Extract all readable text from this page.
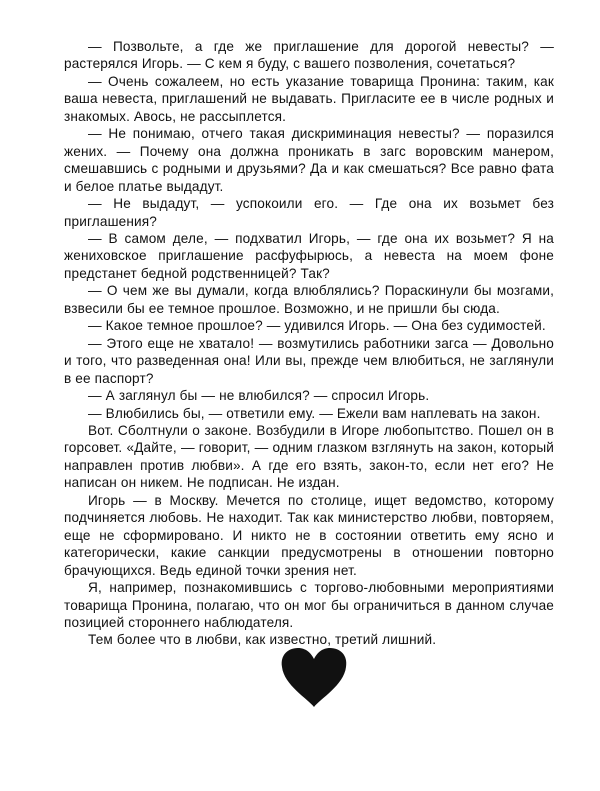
— Позвольте, а где же приглашение для дорогой невесты? — растерялся Игорь. — С кем я буду, с вашего позволения, сочетаться?

— Очень сожалеем, но есть указание товарища Пронина: таким, как ваша невеста, приглашений не выдавать. Пригласите ее в числе родных и знакомых. Авось, не рассыплется.

— Не понимаю, отчего такая дискриминация невесты? — поразился жених. — Почему она должна проникать в загс воровским манером, смешавшись с родными и друзьями? Да и как смешаться? Все равно фата и белое платье выдадут.

— Не выдадут, — успокоили его. — Где она их возьмет без приглашения?

— В самом деле, — подхватил Игорь, — где она их возьмет? Я на жениховское приглашение расфуфырюсь, а невеста на моем фоне предстанет бедной родственницей? Так?

— О чем же вы думали, когда влюблялись? Пораскинули бы мозгами, взвесили бы ее темное прошлое. Возможно, и не пришли бы сюда.

— Какое темное прошлое? — удивился Игорь. — Она без судимостей.

— Этого еще не хватало! — возмутились работники загса — Довольно и того, что разведенная она! Или вы, прежде чем влюбиться, не заглянули в ее паспорт?

— А заглянул бы — не влюбился? — спросил Игорь.

— Влюбились бы, — ответили ему. — Ежели вам наплевать на закон.

Вот. Сболтнули о законе. Возбудили в Игоре любопытство. Пошел он в горсовет. «Дайте, — говорит, — одним глазком взглянуть на закон, который направлен против любви». А где его взять, закон-то, если нет его? Не написан он никем. Не подписан. Не издан.

Игорь — в Москву. Мечется по столице, ищет ведомство, которому подчиняется любовь. Не находит. Так как министерство любви, повторяем, еще не сформировано. И никто не в состоянии ответить ему ясно и категорически, какие санкции предусмотрены в отношении повторно брачующихся. Ведь единой точки зрения нет.

Я, например, познакомившись с торгово-любовными мероприятиями товарища Пронина, полагаю, что он мог бы ограничиться в данном случае позицией стороннего наблюдателя.

Тем более что в любви, как известно, третий лишний.
